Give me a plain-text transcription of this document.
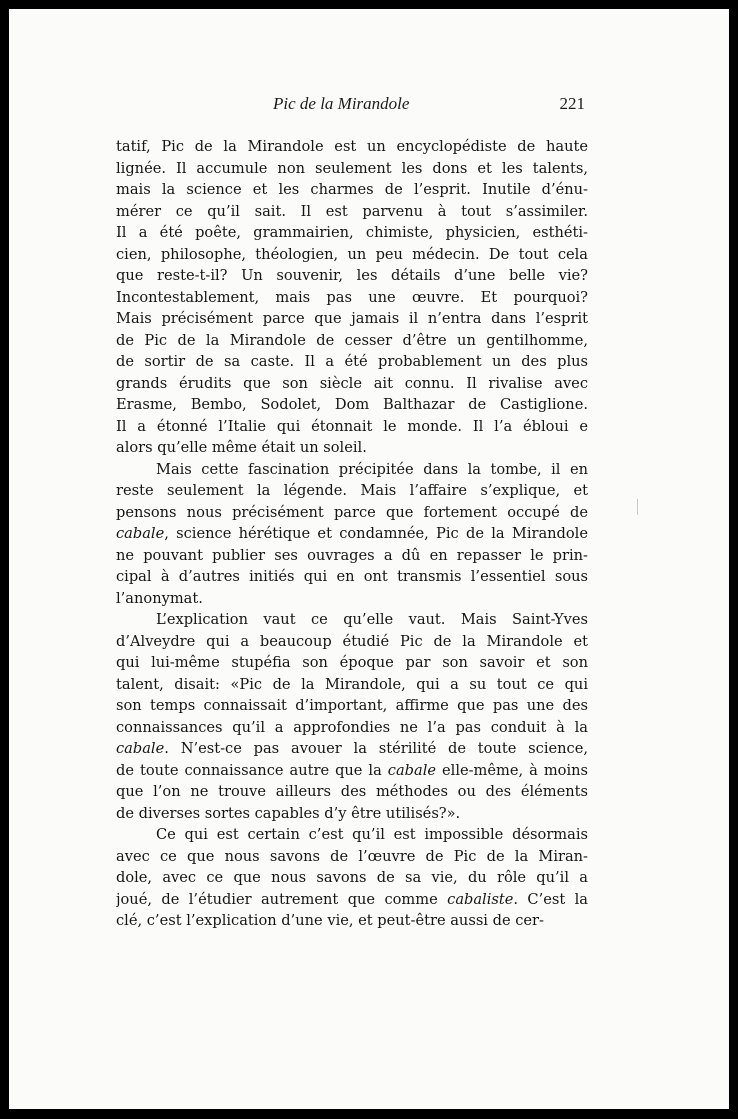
Pic de la Mirandole	221
tatif, Pic de la Mirandole est un encyclopédiste de haute
lignée. Il accumule non seulement les dons et les talents,
mais la science et les charmes de l’esprit. Inutile d’énu-
mérer ce qu’il sait. Il est parvenu à tout s’assimiler.
Il a été poête, grammairien, chimiste, physicien, esthéti-
cien, philosophe, théologien, un peu médecin. De tout cela
que reste-t-il? Un souvenir, les détails d’une belle vie?
Incontestablement, mais pas une œuvre. Et pourquoi?
Mais précisément parce que jamais il n’entra dans l’esprit
de Pic de la Mirandole de cesser d’être un gentilhomme,
de sortir de sa caste. Il a été probablement un des plus
grands érudits que son siècle ait connu. Il rivalise avec
Erasme, Bembo, Sodolet, Dom Balthazar de Castiglione.
Il a étonné l’Italie qui étonnait le monde. Il l’a ébloui e
alors qu’elle même était un soleil.
Mais cette fascination précipitée dans la tombe, il en
reste seulement la légende. Mais l’affaire s’explique, et
pensons nous précisément parce que fortement occupé de
cabale, science hérétique et condamnée, Pic de la Mirandole
ne pouvant publier ses ouvrages a dû en repasser le prin-
cipal à d’autres initiés qui en ont transmis l’essentiel sous
l’anonymat.
L’explication vaut ce qu’elle vaut. Mais Saint-Yves
d’Alveydre qui a beaucoup étudié Pic de la Mirandole et
qui lui-même stupéfia son époque par son savoir et son
talent, disait: «Pic de la Mirandole, qui a su tout ce qui
son temps connaissait d’important, affirme que pas une des
connaissances qu’il a approfondies ne l’a pas conduit à la
cabale. N’est-ce pas avouer la stérilité de toute science,
de toute connaissance autre que la cabale elle-même, à moins
que l’on ne trouve ailleurs des méthodes ou des éléments
de diverses sortes capables d’y être utilisés?».
Ce qui est certain c’est qu’il est impossible désormais
avec ce que nous savons de l’œuvre de Pic de la Miran-
dole, avec ce que nous savons de sa vie, du rôle qu’il a
joué, de l’étudier autrement que comme cabaliste. C’est la
clé, c’est l’explication d’une vie, et peut-être aussi de cer-
